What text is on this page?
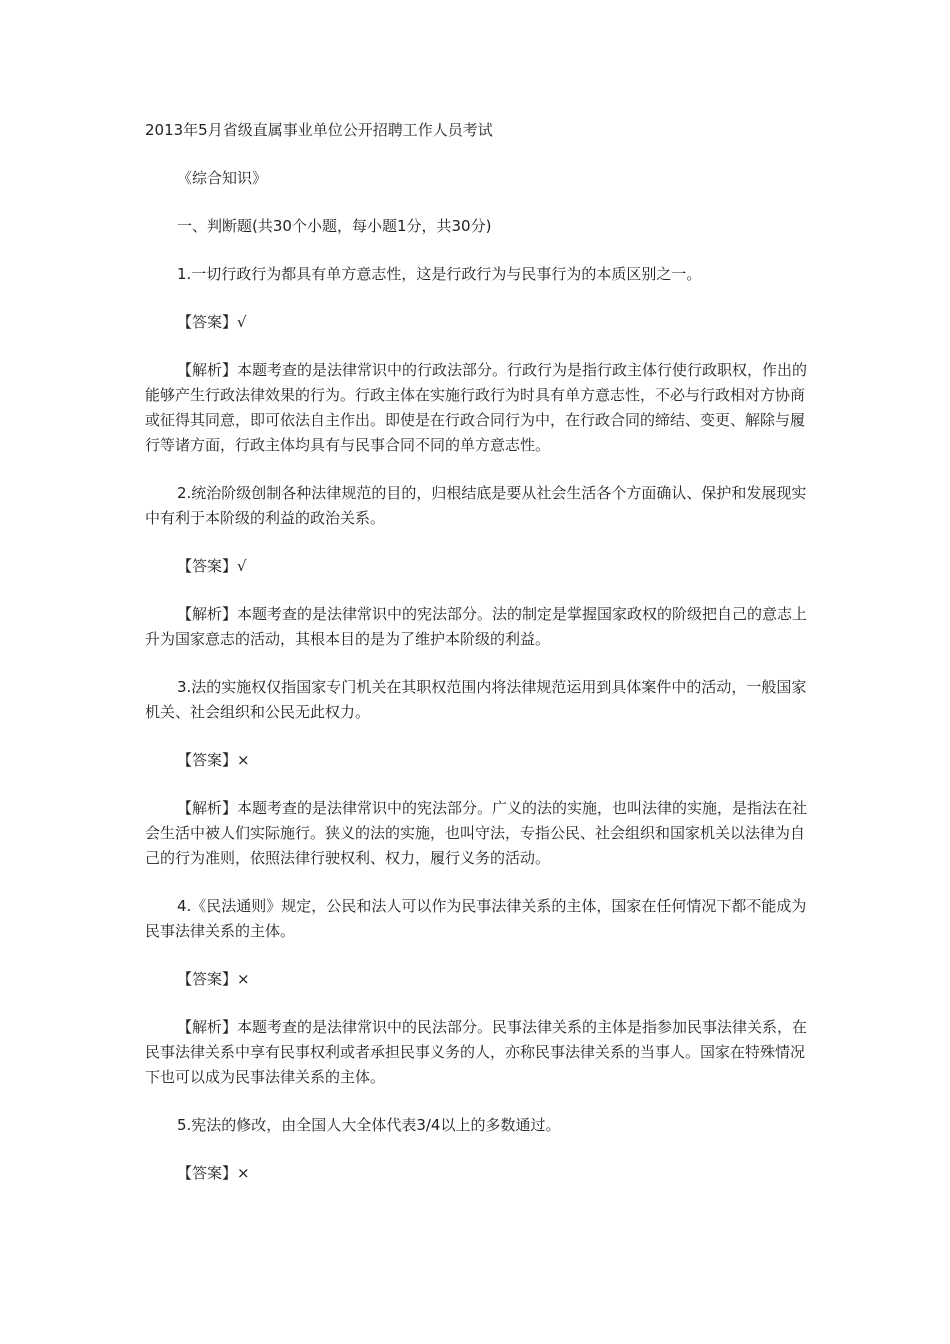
2013年5月省级直属事业单位公开招聘工作人员考试

《综合知识》

一、判断题(共30个小题，每小题1分，共30分)

1.一切行政行为都具有单方意志性，这是行政行为与民事行为的本质区别之一。

【答案】√

【解析】本题考查的是法律常识中的行政法部分。行政行为是指行政主体行使行政职权，作出的能够产生行政法律效果的行为。行政主体在实施行政行为时具有单方意志性，不必与行政相对方协商或征得其同意，即可依法自主作出。即使是在行政合同行为中，在行政合同的缔结、变更、解除与履行等诸方面，行政主体均具有与民事合同不同的单方意志性。

2.统治阶级创制各种法律规范的目的，归根结底是要从社会生活各个方面确认、保护和发展现实中有利于本阶级的利益的政治关系。

【答案】√

【解析】本题考查的是法律常识中的宪法部分。法的制定是掌握国家政权的阶级把自己的意志上升为国家意志的活动，其根本目的是为了维护本阶级的利益。

3.法的实施权仅指国家专门机关在其职权范围内将法律规范运用到具体案件中的活动，一般国家机关、社会组织和公民无此权力。

【答案】×

【解析】本题考查的是法律常识中的宪法部分。广义的法的实施，也叫法律的实施，是指法在社会生活中被人们实际施行。狭义的法的实施，也叫守法，专指公民、社会组织和国家机关以法律为自己的行为准则，依照法律行驶权利、权力，履行义务的活动。

4.《民法通则》规定，公民和法人可以作为民事法律关系的主体，国家在任何情况下都不能成为民事法律关系的主体。

【答案】×

【解析】本题考查的是法律常识中的民法部分。民事法律关系的主体是指参加民事法律关系，在民事法律关系中享有民事权利或者承担民事义务的人，亦称民事法律关系的当事人。国家在特殊情况下也可以成为民事法律关系的主体。

5.宪法的修改，由全国人大全体代表3/4以上的多数通过。

【答案】×
